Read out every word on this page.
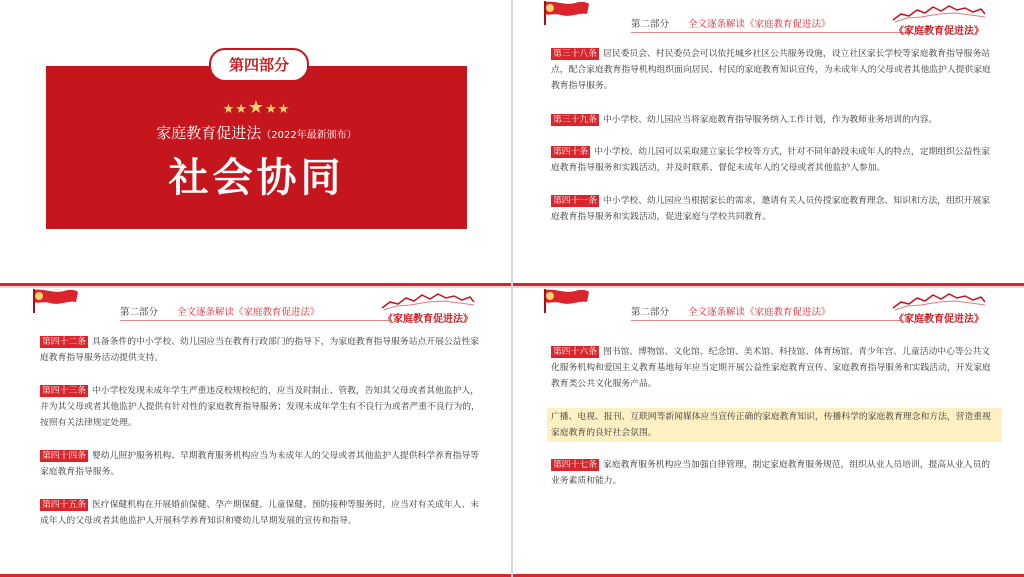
第四部分
★★★★★
家庭教育促进法（2022年最新颁布）
社会协同
第二部分 全文逐条解读《家庭教育促进法》
《家庭教育促进法》
第三十八条 居民委员会、村民委员会可以依托城乡社区公共服务设施，设立社区家长学校等家庭教育指导服务站点，配合家庭教育指导机构组织面向居民、村民的家庭教育知识宣传，为未成年人的父母或者其他监护人提供家庭教育指导服务。
第三十九条 中小学校、幼儿园应当将家庭教育指导服务纳入工作计划，作为教师业务培训的内容。
第四十条 中小学校、幼儿园可以采取建立家长学校等方式，针对不同年龄段未成年人的特点，定期组织公益性家庭教育指导服务和实践活动，并及时联系、督促未成年人的父母或者其他监护人参加。
第四十一条 中小学校、幼儿园应当根据家长的需求，邀请有关人员传授家庭教育理念、知识和方法，组织开展家庭教育指导服务和实践活动，促进家庭与学校共同教育。
第二部分 全文逐条解读《家庭教育促进法》
《家庭教育促进法》
第四十二条 具备条件的中小学校、幼儿园应当在教育行政部门的指导下，为家庭教育指导服务站点开展公益性家庭教育指导服务活动提供支持。
第四十三条 中小学校发现未成年学生严重违反校规校纪的，应当及时制止、管教，告知其父母或者其他监护人，并为其父母或者其他监护人提供有针对性的家庭教育指导服务；发现未成年学生有不良行为或者严重不良行为的，按照有关法律规定处理。
第四十四条 婴幼儿照护服务机构、早期教育服务机构应当为未成年人的父母或者其他监护人提供科学养育指导等家庭教育指导服务。
第四十五条 医疗保健机构在开展婚前保健、孕产期保健、儿童保健、预防接种等服务时，应当对有关成年人、未成年人的父母或者其他监护人开展科学养育知识和婴幼儿早期发展的宣传和指导。
第二部分 全文逐条解读《家庭教育促进法》
《家庭教育促进法》
第四十六条 图书馆、博物馆、文化馆、纪念馆、美术馆、科技馆、体育场馆、青少年宫、儿童活动中心等公共文化服务机构和爱国主义教育基地每年应当定期开展公益性家庭教育宣传、家庭教育指导服务和实践活动，开发家庭教育类公共文化服务产品。
广播、电视、报刊、互联网等新闻媒体应当宣传正确的家庭教育知识，传播科学的家庭教育理念和方法，营造重视家庭教育的良好社会氛围。
第四十七条 家庭教育服务机构应当加强自律管理，制定家庭教育服务规范，组织从业人员培训，提高从业人员的业务素质和能力。
